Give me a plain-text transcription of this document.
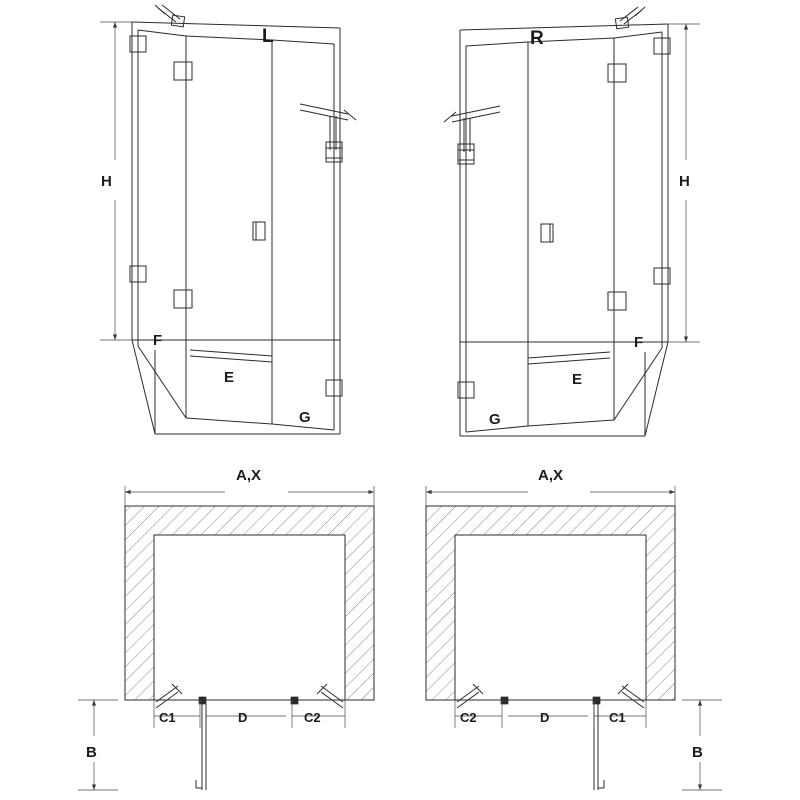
H
F
E
G
L
H
F
E
G
R
A,X
C1	D	C2
B
A,X
C2	D	C1
B
